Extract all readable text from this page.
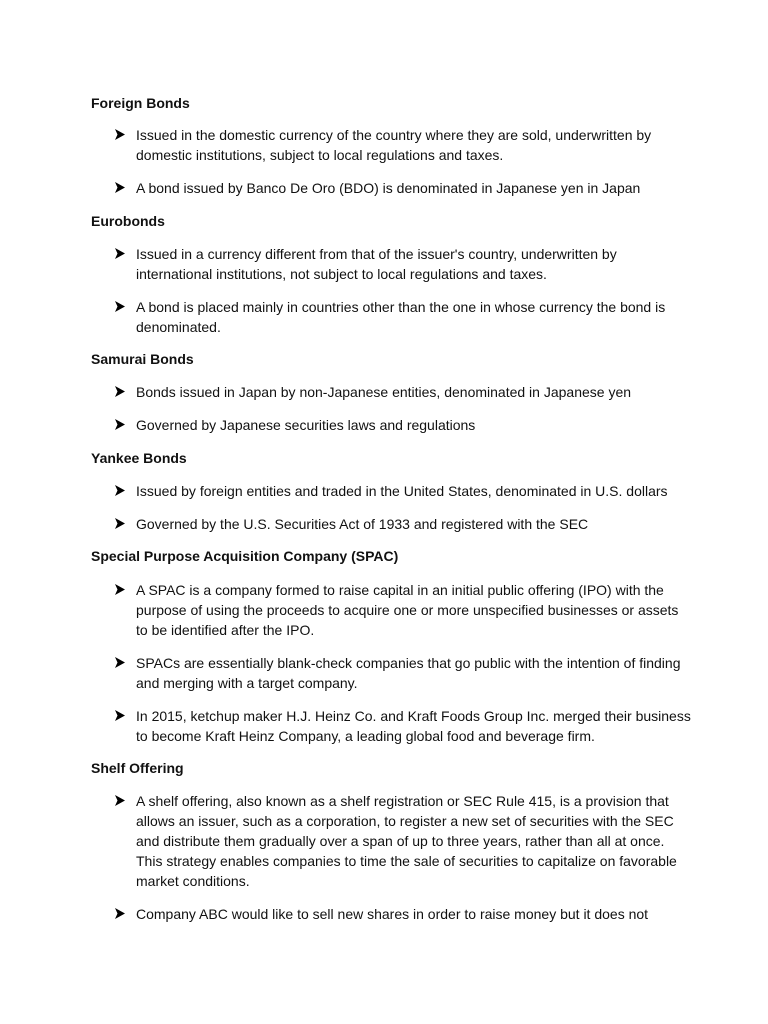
Foreign Bonds
Issued in the domestic currency of the country where they are sold, underwritten by domestic institutions, subject to local regulations and taxes.
A bond issued by Banco De Oro (BDO) is denominated in Japanese yen in Japan
Eurobonds
Issued in a currency different from that of the issuer's country, underwritten by international institutions, not subject to local regulations and taxes.
A bond is placed mainly in countries other than the one in whose currency the bond is denominated.
Samurai Bonds
Bonds issued in Japan by non-Japanese entities, denominated in Japanese yen
Governed by Japanese securities laws and regulations
Yankee Bonds
Issued by foreign entities and traded in the United States, denominated in U.S. dollars
Governed by the U.S. Securities Act of 1933 and registered with the SEC
Special Purpose Acquisition Company (SPAC)
A SPAC is a company formed to raise capital in an initial public offering (IPO) with the purpose of using the proceeds to acquire one or more unspecified businesses or assets to be identified after the IPO.
SPACs are essentially blank-check companies that go public with the intention of finding and merging with a target company.
In 2015, ketchup maker H.J. Heinz Co. and Kraft Foods Group Inc. merged their business to become Kraft Heinz Company, a leading global food and beverage firm.
Shelf Offering
A shelf offering, also known as a shelf registration or SEC Rule 415, is a provision that allows an issuer, such as a corporation, to register a new set of securities with the SEC and distribute them gradually over a span of up to three years, rather than all at once. This strategy enables companies to time the sale of securities to capitalize on favorable market conditions.
Company ABC would like to sell new shares in order to raise money but it does not
